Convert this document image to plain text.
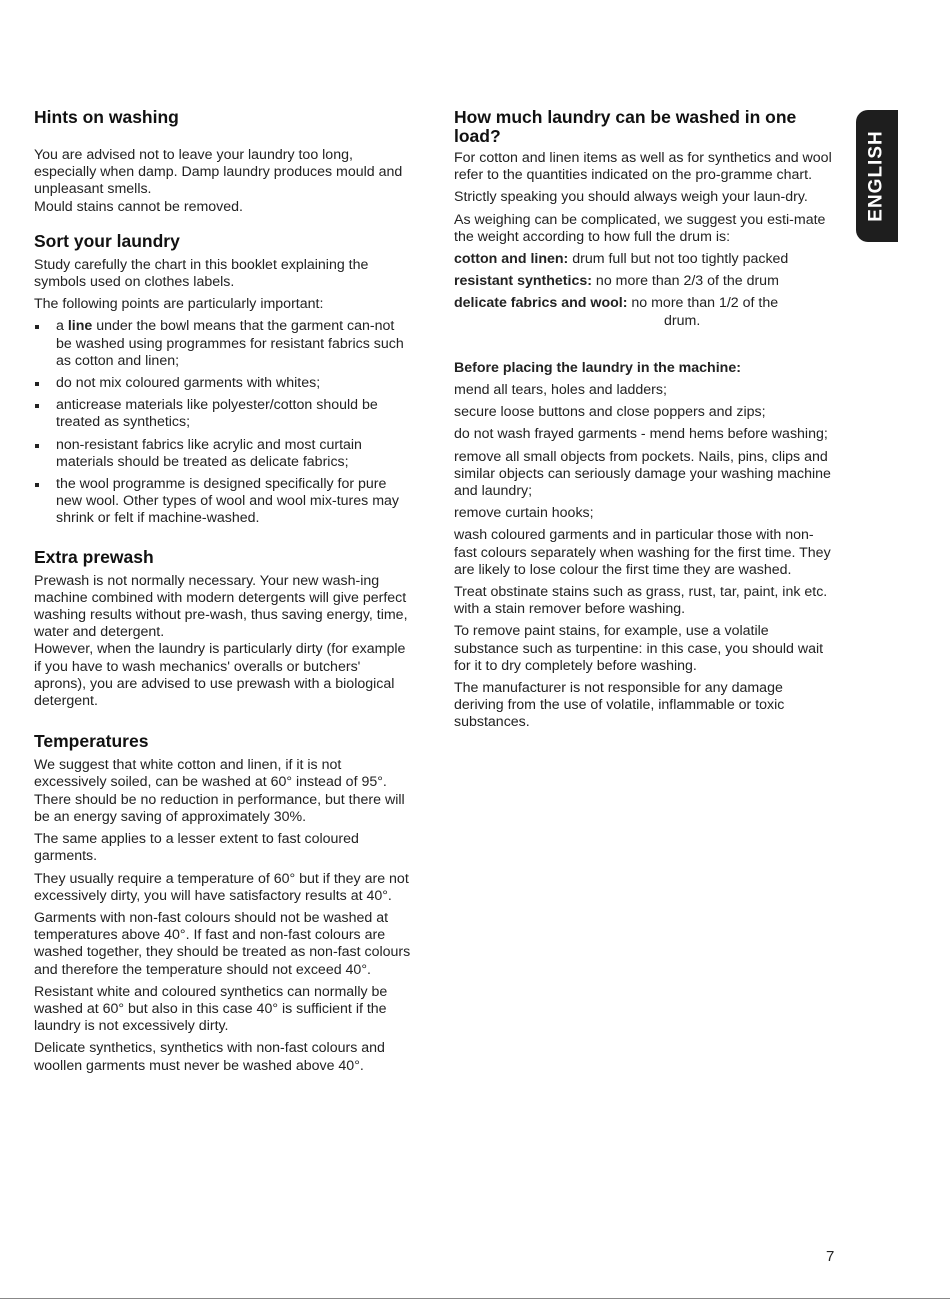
Hints on washing

You are advised not to leave your laundry too long, especially when damp. Damp laundry produces mould and unpleasant smells.

Mould stains cannot be removed.

Sort your laundry

Study carefully the chart in this booklet explaining the symbols used on clothes labels.

The following points are particularly important:

a line under the bowl means that the garment can-not be washed using programmes for resistant fabrics such as cotton and linen;
do not mix coloured garments with whites;
anticrease materials like polyester/cotton should be treated as synthetics;
non-resistant fabrics like acrylic and most curtain materials should be treated as delicate fabrics;
the wool programme is designed specifically for pure new wool. Other types of wool and wool mix-tures may shrink or felt if machine-washed.
Extra prewash

Prewash is not normally necessary. Your new wash-ing machine combined with modern detergents will give perfect washing results without pre-wash, thus saving energy, time, water and detergent.

However, when the laundry is particularly dirty (for example if you have to wash mechanics' overalls or butchers' aprons), you are advised to use prewash with a biological detergent.

Temperatures

We suggest that white cotton and linen, if it is not excessively soiled, can be washed at 60° instead of 95°. There should be no reduction in performance, but there will be an energy saving of approximately 30%.

The same applies to a lesser extent to fast coloured garments.

They usually require a temperature of 60° but if they are not excessively dirty, you will have satisfactory results at 40°.

Garments with non-fast colours should not be washed at temperatures above 40°. If fast and non-fast colours are washed together, they should be treated as non-fast colours and therefore the temperature should not exceed 40°.

Resistant white and coloured synthetics can normally be washed at 60° but also in this case 40° is sufficient if the laundry is not excessively dirty.

Delicate synthetics, synthetics with non-fast colours and woollen garments must never be washed above 40°.

How much laundry can be washed in one load?

For cotton and linen items as well as for synthetics and wool refer to the quantities indicated on the pro-gramme chart.

Strictly speaking you should always weigh your laun-dry.

As weighing can be complicated, we suggest you esti-mate the weight according to how full the drum is:

cotton and linen: drum full but not too tightly packed

resistant synthetics: no more than 2/3 of the drum

delicate fabrics and wool: no more than 1/2 of the

drum.

Before placing the laundry in the machine:

mend all tears, holes and ladders;

secure loose buttons and close poppers and zips;

do not wash frayed garments - mend hems before washing;

remove all small objects from pockets. Nails, pins, clips and similar objects can seriously damage your washing machine and laundry;

remove curtain hooks;

wash coloured garments and in particular those with non-fast colours separately when washing for the first time. They are likely to lose colour the first time they are washed.

Treat obstinate stains such as grass, rust, tar, paint, ink etc. with a stain remover before washing.

To remove paint stains, for example, use a volatile substance such as turpentine: in this case, you should wait for it to dry completely before washing.

The manufacturer is not responsible for any damage deriving from the use of volatile, inflammable or toxic substances.

ENGLISH
7
